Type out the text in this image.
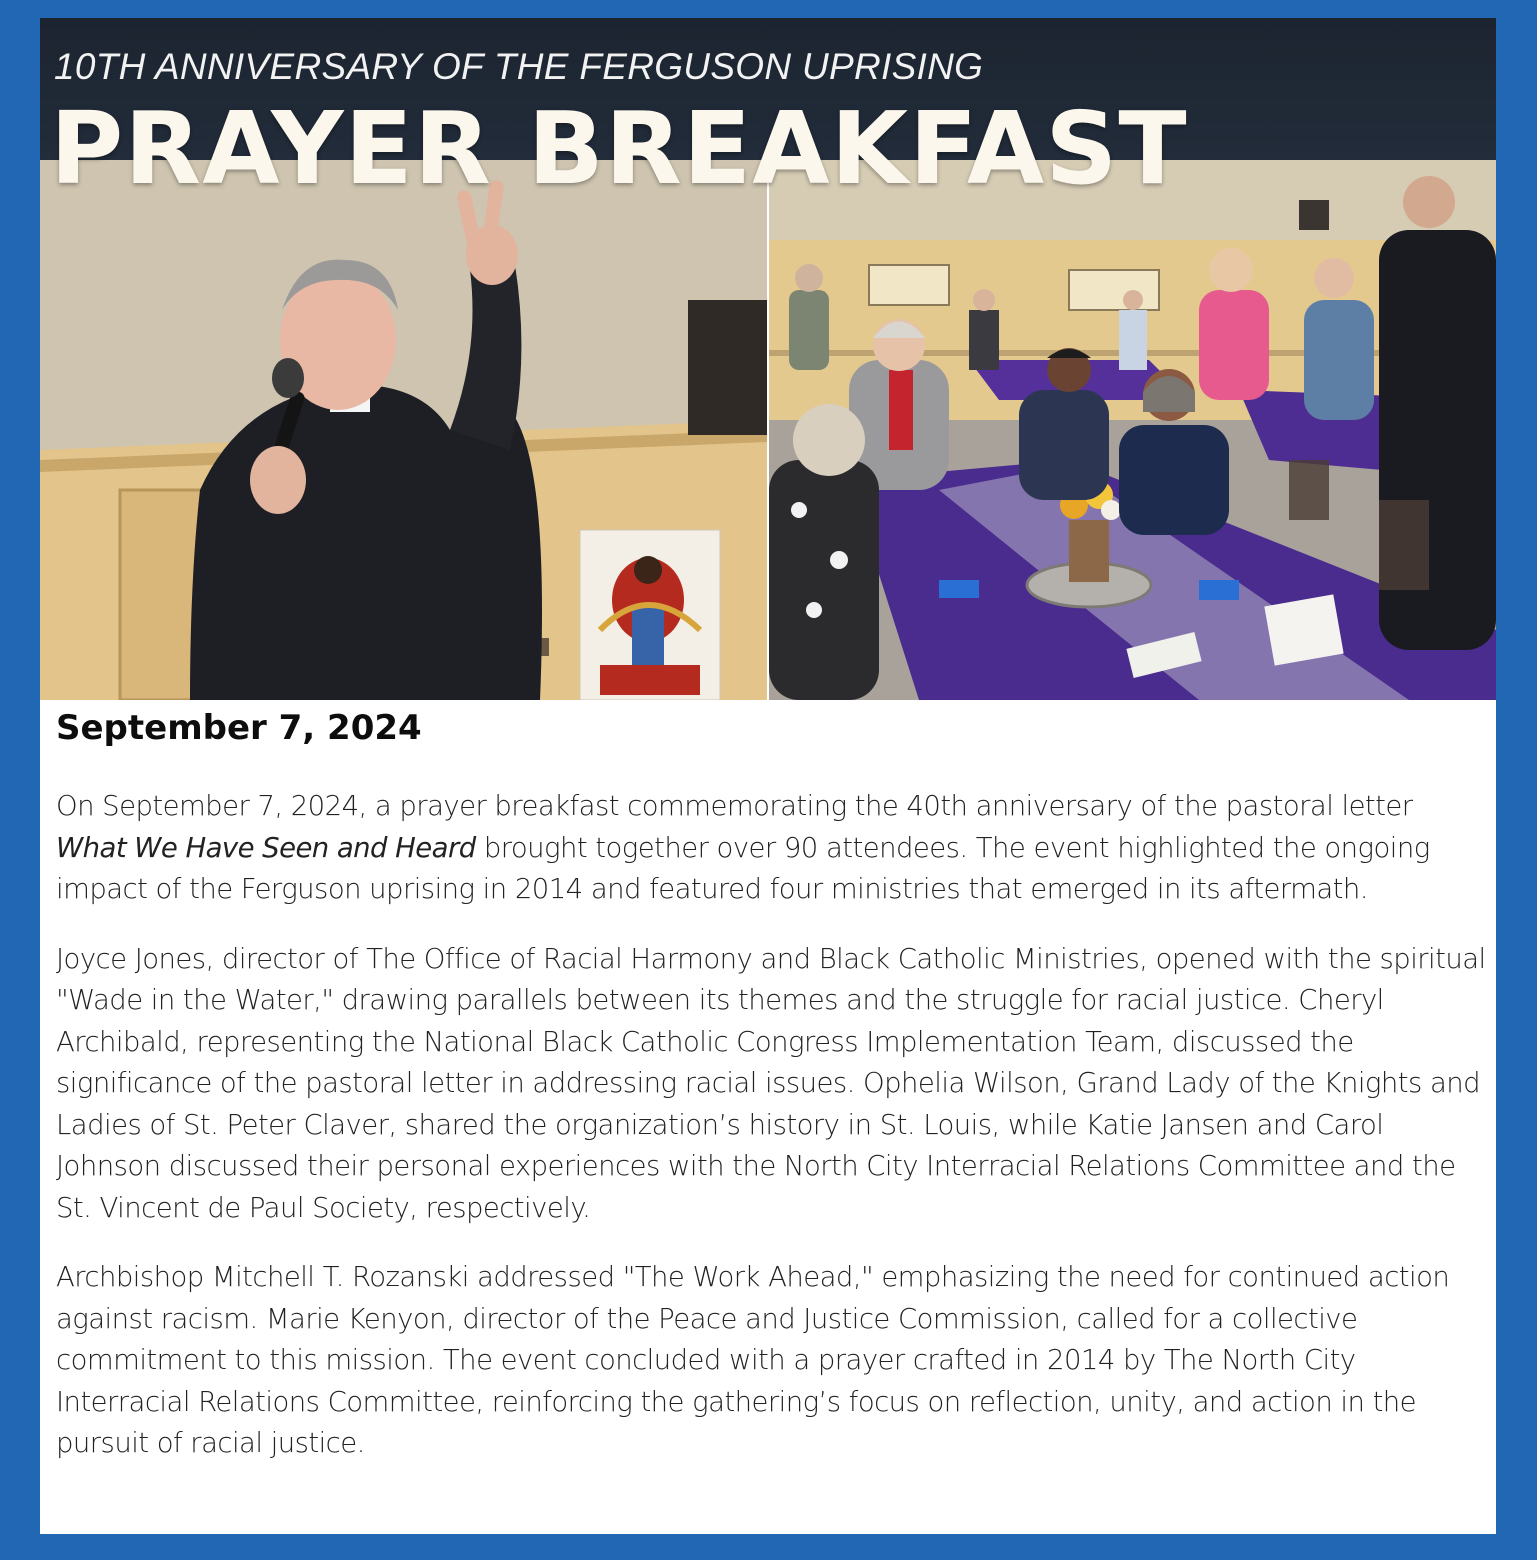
10TH ANNIVERSARY OF THE FERGUSON UPRISING
PRAYER BREAKFAST
September 7, 2024

On September 7, 2024, a prayer breakfast commemorating the 40th anniversary of the pastoral letter What We Have Seen and Heard brought together over 90 attendees. The event highlighted the ongoing impact of the Ferguson uprising in 2014 and featured four ministries that emerged in its aftermath.

Joyce Jones, director of The Office of Racial Harmony and Black Catholic Ministries, opened with the spiritual "Wade in the Water," drawing parallels between its themes and the struggle for racial justice. Cheryl Archibald, representing the National Black Catholic Congress Implementation Team, discussed the significance of the pastoral letter in addressing racial issues. Ophelia Wilson, Grand Lady of the Knights and Ladies of St. Peter Claver, shared the organization’s history in St. Louis, while Katie Jansen and Carol Johnson discussed their personal experiences with the North City Interracial Relations Committee and the St. Vincent de Paul Society, respectively.

Archbishop Mitchell T. Rozanski addressed "The Work Ahead," emphasizing the need for continued action against racism. Marie Kenyon, director of the Peace and Justice Commission, called for a collective commitment to this mission. The event concluded with a prayer crafted in 2014 by The North City Interracial Relations Committee, reinforcing the gathering’s focus on reflection, unity, and action in the pursuit of racial justice.
